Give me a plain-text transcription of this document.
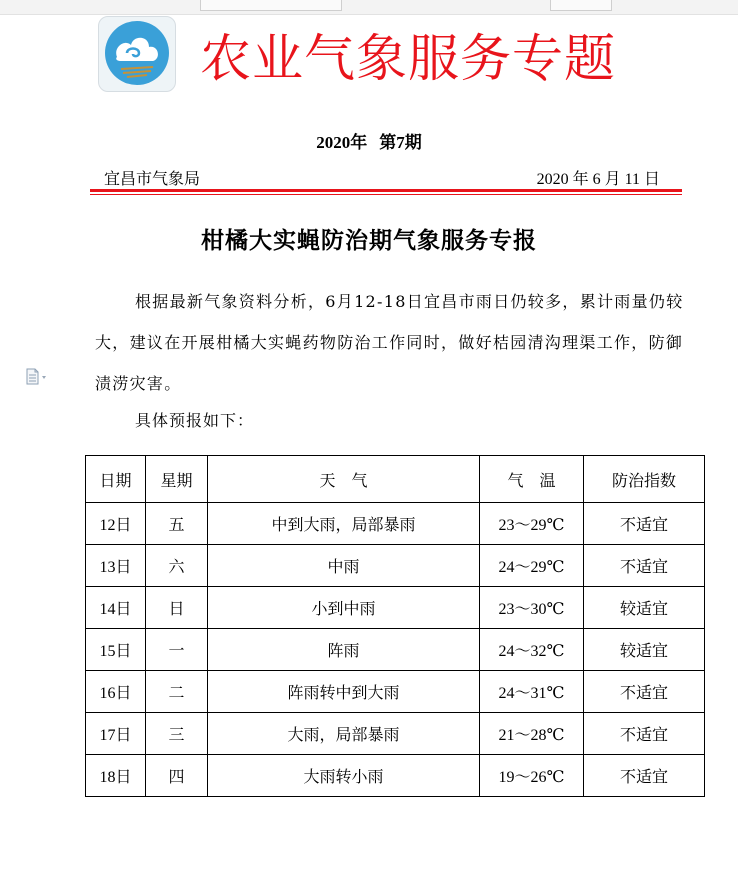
农业气象服务专题
2020年 第7期
宜昌市气象局	2020 年 6 月 11 日
柑橘大实蝇防治期气象服务专报

根据最新气象资料分析，6月12-18日宜昌市雨日仍较多，累计雨量仍较大，建议在开展柑橘大实蝇药物防治工作同时，做好桔园清沟理渠工作，防御渍涝灾害。

具体预报如下：
日期	星期	天　气	气　温	防治指数
12日	五	中到大雨，局部暴雨	23～29℃	不适宜
13日	六	中雨	24～29℃	不适宜
14日	日	小到中雨	23～30℃	较适宜
15日	一	阵雨	24～32℃	较适宜
16日	二	阵雨转中到大雨	24～31℃	不适宜
17日	三	大雨，局部暴雨	21～28℃	不适宜
18日	四	大雨转小雨	19～26℃	不适宜
